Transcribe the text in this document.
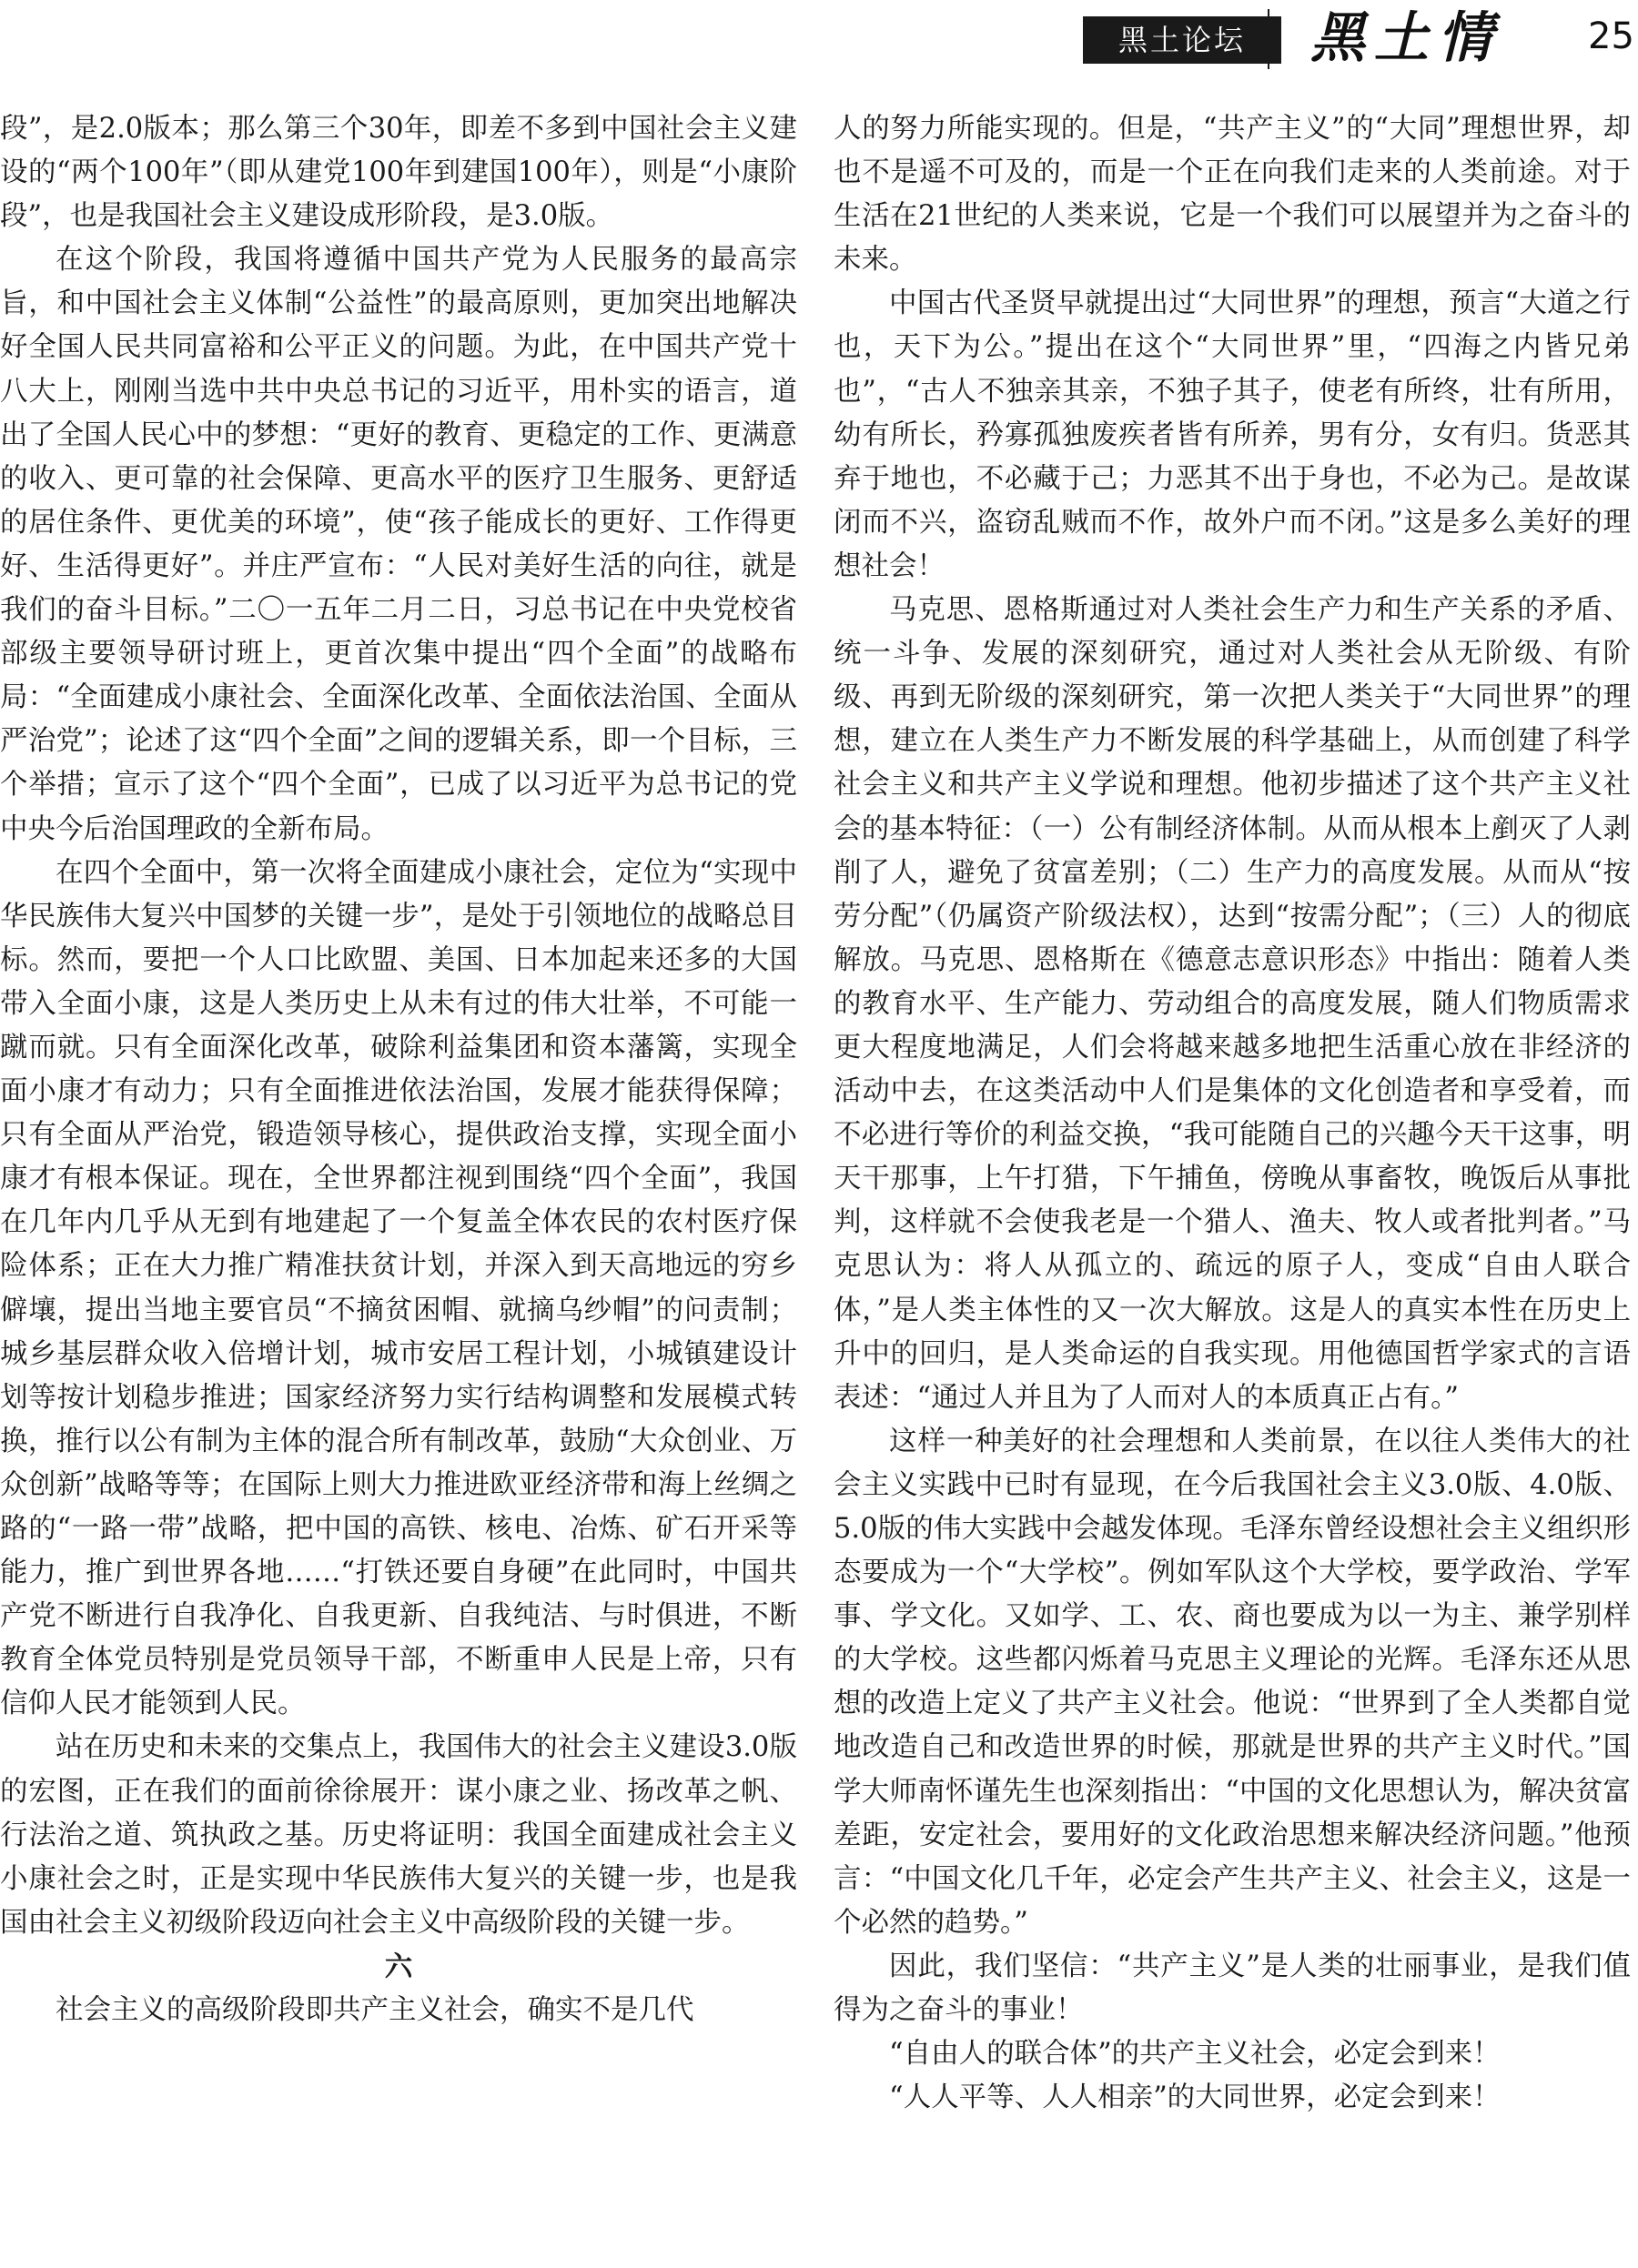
黑土论坛	黑土情 25

段”，是2.0版本；那么第三个30年，即差不多到中国社会主义建设的“两个100年”（即从建党100年到建国100年），则是“小康阶段”，也是我国社会主义建设成形阶段，是3.0版。

在这个阶段，我国将遵循中国共产党为人民服务的最高宗旨，和中国社会主义体制“公益性”的最高原则，更加突出地解决好全国人民共同富裕和公平正义的问题。为此，在中国共产党十八大上，刚刚当选中共中央总书记的习近平，用朴实的语言，道出了全国人民心中的梦想：“更好的教育、更稳定的工作、更满意的收入、更可靠的社会保障、更高水平的医疗卫生服务、更舒适的居住条件、更优美的环境”，使“孩子能成长的更好、工作得更好、生活得更好”。并庄严宣布：“人民对美好生活的向往，就是我们的奋斗目标。”二〇一五年二月二日，习总书记在中央党校省部级主要领导研讨班上，更首次集中提出“四个全面”的战略布局：“全面建成小康社会、全面深化改革、全面依法治国、全面从严治党”；论述了这“四个全面”之间的逻辑关系，即一个目标，三个举措；宣示了这个“四个全面”，已成了以习近平为总书记的党中央今后治国理政的全新布局。

在四个全面中，第一次将全面建成小康社会，定位为“实现中华民族伟大复兴中国梦的关键一步”，是处于引领地位的战略总目标。然而，要把一个人口比欧盟、美国、日本加起来还多的大国带入全面小康，这是人类历史上从未有过的伟大壮举，不可能一蹴而就。只有全面深化改革，破除利益集团和资本藩篱，实现全面小康才有动力；只有全面推进依法治国，发展才能获得保障；只有全面从严治党，锻造领导核心，提供政治支撑，实现全面小康才有根本保证。现在，全世界都注视到围绕“四个全面”，我国在几年内几乎从无到有地建起了一个复盖全体农民的农村医疗保险体系；正在大力推广精准扶贫计划，并深入到天高地远的穷乡僻壤，提出当地主要官员“不摘贫困帽、就摘乌纱帽”的问责制；城乡基层群众收入倍增计划，城市安居工程计划，小城镇建设计划等按计划稳步推进；国家经济努力实行结构调整和发展模式转换，推行以公有制为主体的混合所有制改革，鼓励“大众创业、万众创新”战略等等；在国际上则大力推进欧亚经济带和海上丝绸之路的“一路一带”战略，把中国的高铁、核电、冶炼、矿石开采等能力，推广到世界各地……“打铁还要自身硬”在此同时，中国共产党不断进行自我净化、自我更新、自我纯洁、与时俱进，不断教育全体党员特别是党员领导干部，不断重申人民是上帝，只有信仰人民才能领到人民。

站在历史和未来的交集点上，我国伟大的社会主义建设3.0版的宏图，正在我们的面前徐徐展开：谋小康之业、扬改革之帆、行法治之道、筑执政之基。历史将证明：我国全面建成社会主义小康社会之时，正是实现中华民族伟大复兴的关键一步，也是我国由社会主义初级阶段迈向社会主义中高级阶段的关键一步。

六

社会主义的高级阶段即共产主义社会，确实不是几代

人的努力所能实现的。但是，“共产主义”的“大同”理想世界，却也不是遥不可及的，而是一个正在向我们走来的人类前途。对于生活在21世纪的人类来说，它是一个我们可以展望并为之奋斗的未来。

中国古代圣贤早就提出过“大同世界”的理想，预言“大道之行也，天下为公。”提出在这个“大同世界”里，“四海之内皆兄弟也”，“古人不独亲其亲，不独子其子，使老有所终，壮有所用，幼有所长，矜寡孤独废疾者皆有所养，男有分，女有归。货恶其弃于地也，不必藏于己；力恶其不出于身也，不必为己。是故谋闭而不兴，盗窃乱贼而不作，故外户而不闭。”这是多么美好的理想社会！

马克思、恩格斯通过对人类社会生产力和生产关系的矛盾、统一斗争、发展的深刻研究，通过对人类社会从无阶级、有阶级、再到无阶级的深刻研究，第一次把人类关于“大同世界”的理想，建立在人类生产力不断发展的科学基础上，从而创建了科学社会主义和共产主义学说和理想。他初步描述了这个共产主义社会的基本特征：（一）公有制经济体制。从而从根本上剷灭了人剥削了人，避免了贫富差别；（二）生产力的高度发展。从而从“按劳分配”（仍属资产阶级法权），达到“按需分配”；（三）人的彻底解放。马克思、恩格斯在《德意志意识形态》中指出：随着人类的教育水平、生产能力、劳动组合的高度发展，随人们物质需求更大程度地满足，人们会将越来越多地把生活重心放在非经济的活动中去，在这类活动中人们是集体的文化创造者和享受着，而不必进行等价的利益交换，“我可能随自己的兴趣今天干这事，明天干那事，上午打猎，下午捕鱼，傍晚从事畜牧，晚饭后从事批判，这样就不会使我老是一个猎人、渔夫、牧人或者批判者。”马克思认为：将人从孤立的、疏远的原子人，变成“自由人联合体，”是人类主体性的又一次大解放。这是人的真实本性在历史上升中的回归，是人类命运的自我实现。用他德国哲学家式的言语表述：“通过人并且为了人而对人的本质真正占有。”

这样一种美好的社会理想和人类前景，在以往人类伟大的社会主义实践中已时有显现，在今后我国社会主义3.0版、4.0版、5.0版的伟大实践中会越发体现。毛泽东曾经设想社会主义组织形态要成为一个“大学校”。例如军队这个大学校，要学政治、学军事、学文化。又如学、工、农、商也要成为以一为主、兼学别样的大学校。这些都闪烁着马克思主义理论的光辉。毛泽东还从思想的改造上定义了共产主义社会。他说：“世界到了全人类都自觉地改造自己和改造世界的时候，那就是世界的共产主义时代。”国学大师南怀谨先生也深刻指出：“中国的文化思想认为，解决贫富差距，安定社会，要用好的文化政治思想来解决经济问题。”他预言：“中国文化几千年，必定会产生共产主义、社会主义，这是一个必然的趋势。”

因此，我们坚信：“共产主义”是人类的壮丽事业，是我们值得为之奋斗的事业！

“自由人的联合体”的共产主义社会，必定会到来！

“人人平等、人人相亲”的大同世界，必定会到来！
